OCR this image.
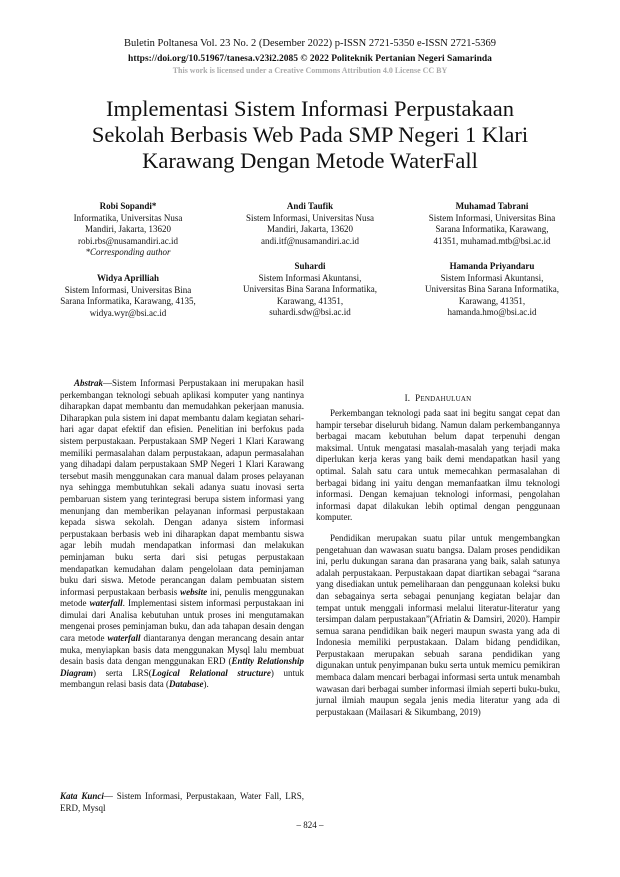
Buletin Poltanesa Vol. 23 No. 2 (Desember 2022) p-ISSN 2721-5350 e-ISSN 2721-5369
https://doi.org/10.51967/tanesa.v23i2.2085 © 2022 Politeknik Pertanian Negeri Samarinda
This work is licensed under a Creative Commons Attribution 4.0 License CC BY
Implementasi Sistem Informasi Perpustakaan
Sekolah Berbasis Web Pada SMP Negeri 1 Klari
Karawang Dengan Metode WaterFall
Robi Sopandi*
Informatika, Universitas Nusa
Mandiri, Jakarta, 13620
robi.rbs@nusamandiri.ac.id
*Corresponding author
Andi Taufik
Sistem Informasi, Universitas Nusa
Mandiri, Jakarta, 13620
andi.itf@nusamandiri.ac.id
Muhamad Tabrani
Sistem Informasi, Universitas Bina
Sarana Informatika, Karawang,
41351, muhamad.mtb@bsi.ac.id
Widya Aprilliah
Sistem Informasi, Universitas Bina
Sarana Informatika, Karawang, 4135,
widya.wyr@bsi.ac.id
Suhardi
Sistem Informasi Akuntansi,
Universitas Bina Sarana Informatika,
Karawang, 41351,
suhardi.sdw@bsi.ac.id
Hamanda Priyandaru
Sistem Informasi Akuntansi,
Universitas Bina Sarana Informatika,
Karawang, 41351,
hamanda.hmo@bsi.ac.id

Abstrak—Sistem Informasi Perpustakaan ini merupakan hasil perkembangan teknologi sebuah aplikasi komputer yang nantinya diharapkan dapat membantu dan memudahkan pekerjaan manusia. Diharapkan pula sistem ini dapat membantu dalam kegiatan sehari-hari agar dapat efektif dan efisien. Penelitian ini berfokus pada sistem perpustakaan. Perpustakaan SMP Negeri 1 Klari Karawang memiliki permasalahan dalam perpustakaan, adapun permasalahan yang dihadapi dalam perpustakaan SMP Negeri 1 Klari Karawang tersebut masih menggunakan cara manual dalam proses pelayanan nya sehingga membutuhkan sekali adanya suatu inovasi serta pembaruan sistem yang terintegrasi berupa sistem informasi yang menunjang dan memberikan pelayanan informasi perpustakaan kepada siswa sekolah. Dengan adanya sistem informasi perpustakaan berbasis web ini diharapkan dapat membantu siswa agar lebih mudah mendapatkan informasi dan melakukan peminjaman buku serta dari sisi petugas perpustakaan mendapatkan kemudahan dalam pengelolaan data peminjaman buku dari siswa. Metode perancangan dalam pembuatan sistem informasi perpustakaan berbasis website ini, penulis menggunakan metode waterfall. Implementasi sistem informasi perpustakaan ini dimulai dari Analisa kebutuhan untuk proses ini mengutamakan mengenai proses peminjaman buku, dan ada tahapan desain dengan cara metode waterfall diantaranya dengan merancang desain antar muka, menyiapkan basis data menggunakan Mysql lalu membuat desain basis data dengan menggunakan ERD (Entity Relationship Diagram) serta LRS(Logical Relational structure) untuk membangun relasi basis data (Database).

Kata Kunci— Sistem Informasi, Perpustakaan, Water Fall, LRS, ERD, Mysql
I. PENDAHULUAN

Perkembangan teknologi pada saat ini begitu sangat cepat dan hampir tersebar diseluruh bidang. Namun dalam perkembangannya berbagai macam kebutuhan belum dapat terpenuhi dengan maksimal. Untuk mengatasi masalah-masalah yang terjadi maka diperlukan kerja keras yang baik demi mendapatkan hasil yang optimal. Salah satu cara untuk memecahkan permasalahan di berbagai bidang ini yaitu dengan memanfaatkan ilmu teknologi informasi. Dengan kemajuan teknologi informasi, pengolahan informasi dapat dilakukan lebih optimal dengan penggunaan komputer.

Pendidikan merupakan suatu pilar untuk mengembangkan pengetahuan dan wawasan suatu bangsa. Dalam proses pendidikan ini, perlu dukungan sarana dan prasarana yang baik, salah satunya adalah perpustakaan. Perpustakaan dapat diartikan sebagai “sarana yang disediakan untuk pemeliharaan dan penggunaan koleksi buku dan sebagainya serta sebagai penunjang kegiatan belajar dan tempat untuk menggali informasi melalui literatur-literatur yang tersimpan dalam perpustakaan”(Afriatin & Damsiri, 2020). Hampir semua sarana pendidikan baik negeri maupun swasta yang ada di Indonesia memiliki perpustakaan. Dalam bidang pendidikan, Perpustakaan merupakan sebuah sarana pendidikan yang digunakan untuk penyimpanan buku serta untuk memicu pemikiran membaca dalam mencari berbagai informasi serta untuk menambah wawasan dari berbagai sumber informasi ilmiah seperti buku-buku, jurnal ilmiah maupun segala jenis media literatur yang ada di perpustakaan (Mailasari & Sikumbang, 2019)

– 824 –
